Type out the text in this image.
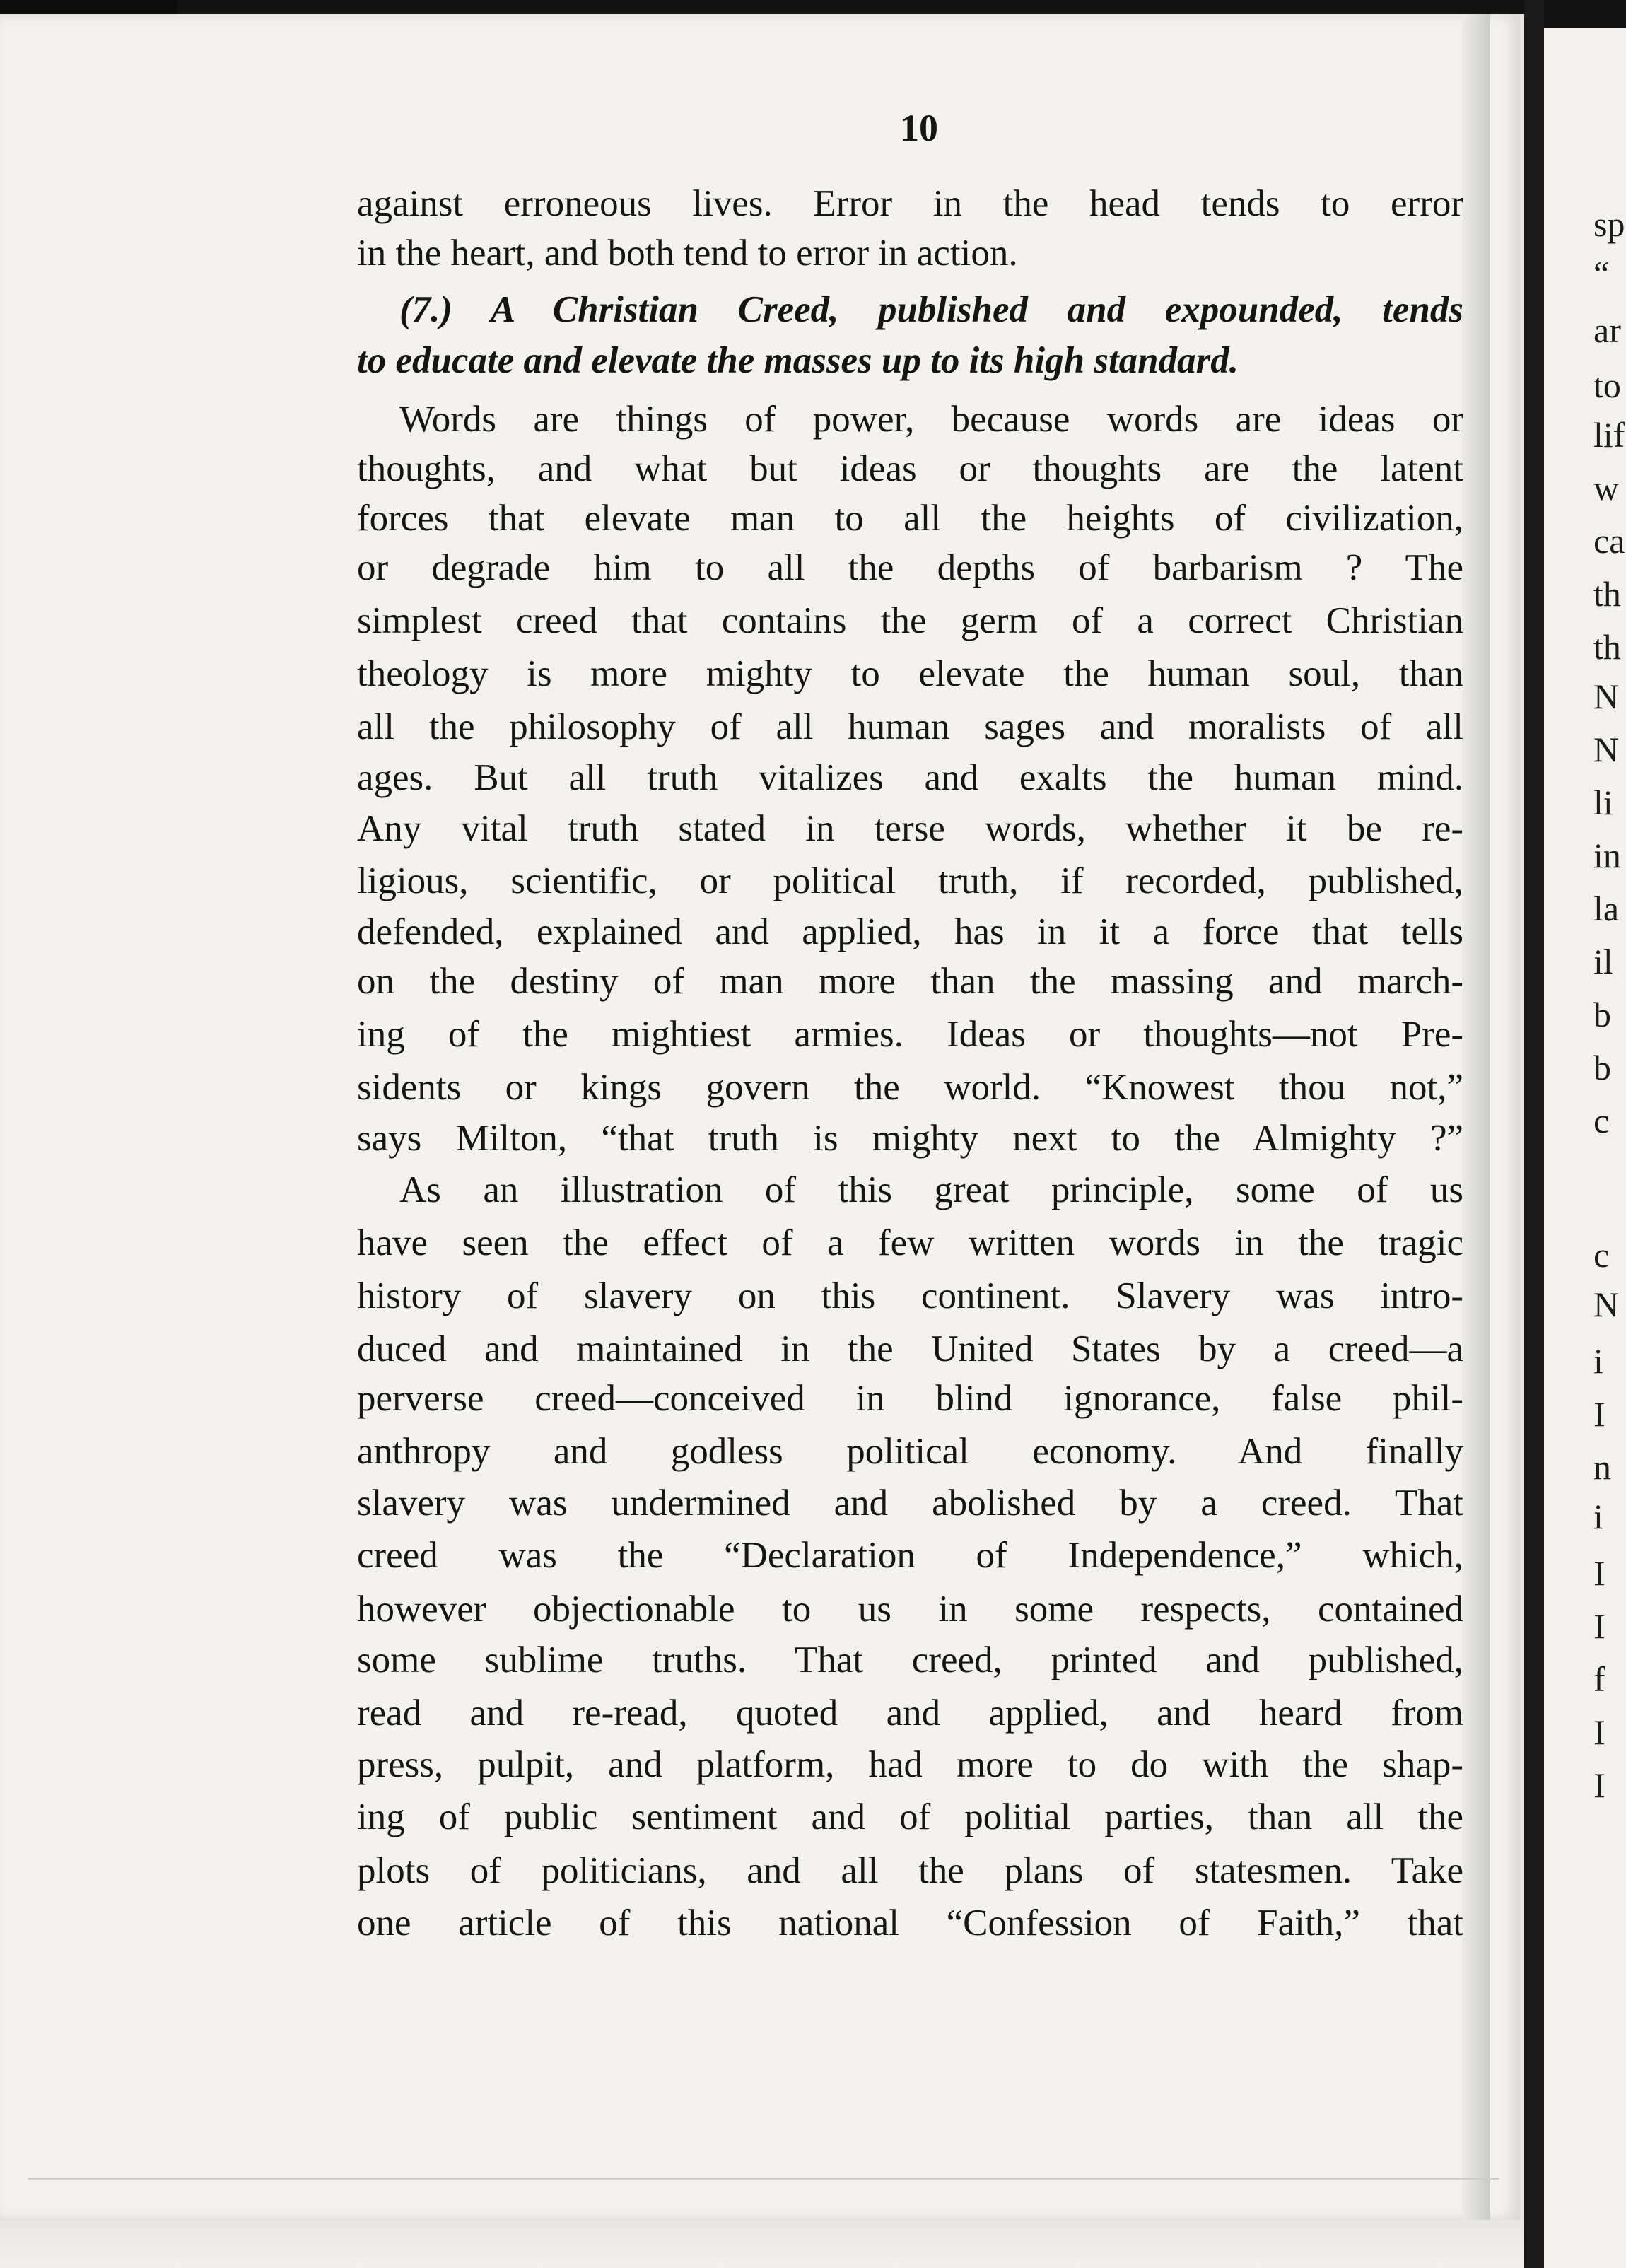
sp
“
ar
to
lif
w
ca
th
th
N
N
li
in
la
il
b
b
c
c
N
i
I
n
i
I
I
f
I
I
10
against erroneous lives. Error in the head tends to error
in the heart, and both tend to error in action.
(7.) A Christian Creed, published and expounded, tends
to educate and elevate the masses up to its high standard.
Words are things of power, because words are ideas or
thoughts, and what but ideas or thoughts are the latent
forces that elevate man to all the heights of civilization,
or degrade him to all the depths of barbarism ? The
simplest creed that contains the germ of a correct Christian
theology is more mighty to elevate the human soul, than
all the philosophy of all human sages and moralists of all
ages. But all truth vitalizes and exalts the human mind.
Any vital truth stated in terse words, whether it be re-
ligious, scientific, or political truth, if recorded, published,
defended, explained and applied, has in it a force that tells
on the destiny of man more than the massing and march-
ing of the mightiest armies. Ideas or thoughts—not Pre-
sidents or kings govern the world. “Knowest thou not,”
says Milton, “that truth is mighty next to the Almighty ?”
As an illustration of this great principle, some of us
have seen the effect of a few written words in the tragic
history of slavery on this continent. Slavery was intro-
duced and maintained in the United States by a creed—a
perverse creed—conceived in blind ignorance, false phil-
anthropy and godless political economy. And finally
slavery was undermined and abolished by a creed. That
creed was the “Declaration of Independence,” which,
however objectionable to us in some respects, contained
some sublime truths. That creed, printed and published,
read and re-read, quoted and applied, and heard from
press, pulpit, and platform, had more to do with the shap-
ing of public sentiment and of politial parties, than all the
plots of politicians, and all the plans of statesmen. Take
one article of this national “Confession of Faith,” that
